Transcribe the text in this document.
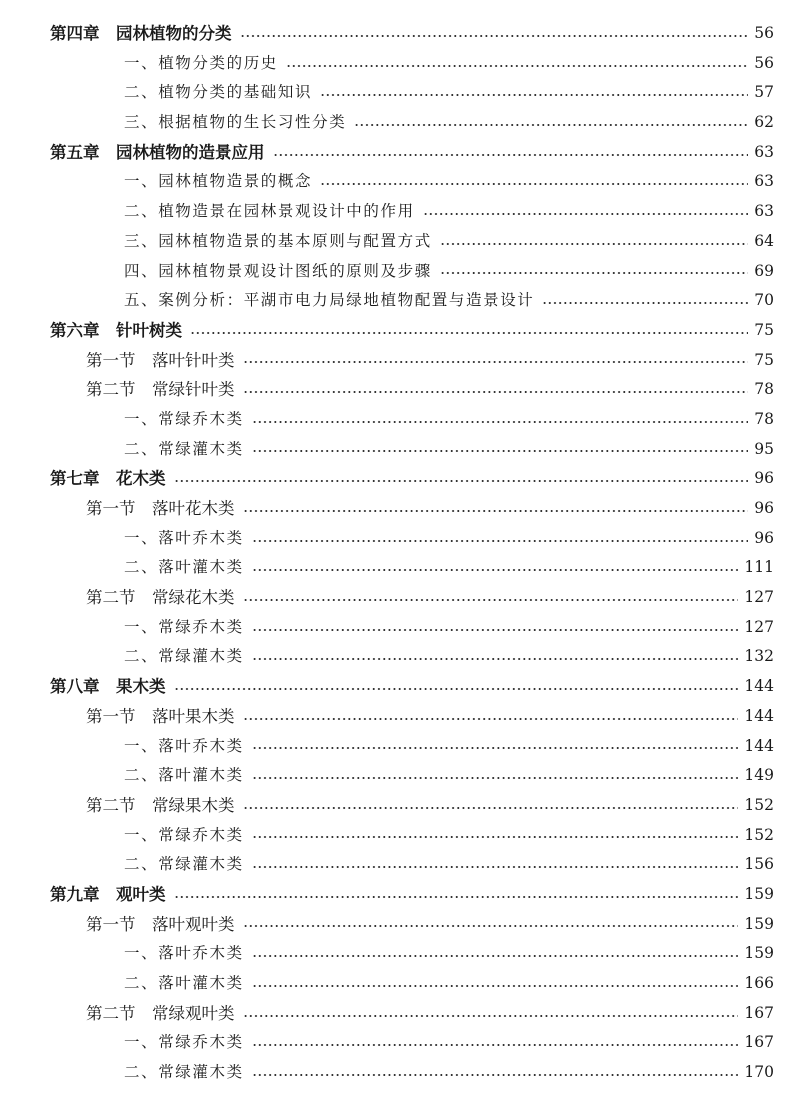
第四章　园林植物的分类	56
一、植物分类的历史	56
二、植物分类的基础知识	57
三、根据植物的生长习性分类	62
第五章　园林植物的造景应用	63
一、园林植物造景的概念	63
二、植物造景在园林景观设计中的作用	63
三、园林植物造景的基本原则与配置方式	64
四、园林植物景观设计图纸的原则及步骤	69
五、案例分析：平湖市电力局绿地植物配置与造景设计	70
第六章　针叶树类	75
第一节　落叶针叶类	75
第二节　常绿针叶类	78
一、常绿乔木类	78
二、常绿灌木类	95
第七章　花木类	96
第一节　落叶花木类	96
一、落叶乔木类	96
二、落叶灌木类	111
第二节　常绿花木类	127
一、常绿乔木类	127
二、常绿灌木类	132
第八章　果木类	144
第一节　落叶果木类	144
一、落叶乔木类	144
二、落叶灌木类	149
第二节　常绿果木类	152
一、常绿乔木类	152
二、常绿灌木类	156
第九章　观叶类	159
第一节　落叶观叶类	159
一、落叶乔木类	159
二、落叶灌木类	166
第二节　常绿观叶类	167
一、常绿乔木类	167
二、常绿灌木类	170
